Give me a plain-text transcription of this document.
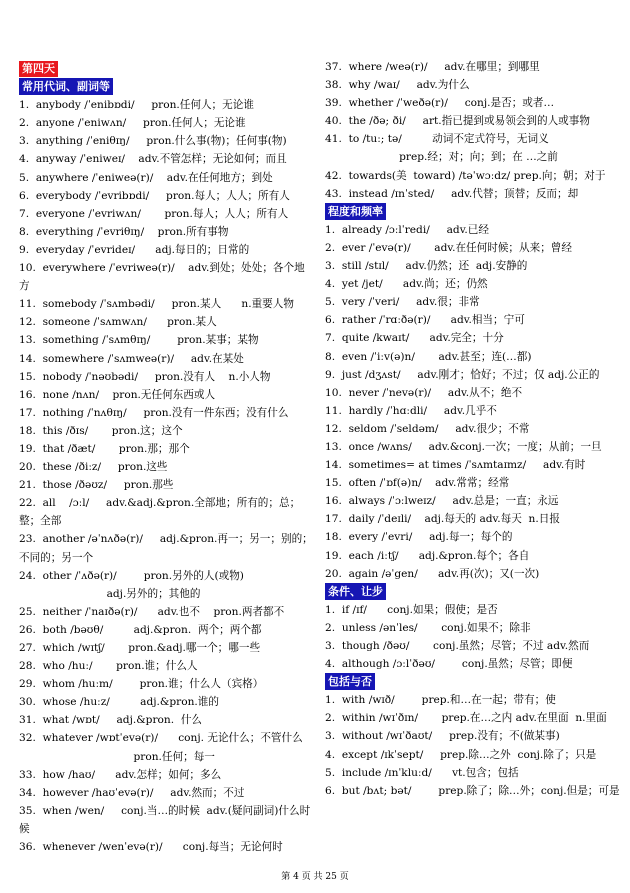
第四天
常用代词、副词等
1.  anybody /ˈenibɒdi/     pron.任何人；无论谁
2.  anyone /ˈeniwʌn/     pron.任何人；无论谁
3.  anything /ˈeniθɪŋ/     pron.什么事(物)；任何事(物)
4.  anyway /ˈeniweɪ/    adv.不管怎样；无论如何；而且
5.  anywhere /ˈeniweə(r)/    adv.在任何地方；到处
6.  everybody /ˈevribɒdi/     pron.每人；人人；所有人
7.  everyone /ˈevriwʌn/       pron.每人；人人；所有人
8.  everything /ˈevriθɪŋ/    pron.所有事物
9.  everyday /ˈevrideɪ/      adj.每日的；日常的
10.  everywhere /ˈevriweə(r)/    adv.到处；处处；各个地方
11.  somebody /ˈsʌmbədi/     pron.某人      n.重要人物
12.  someone /ˈsʌmwʌn/      pron.某人
13.  something /ˈsʌmθɪŋ/        pron.某事；某物
14.  somewhere /ˈsʌmweə(r)/     adv.在某处
15.  nobody /ˈnəʊbədi/     pron.没有人    n.小人物
16.  none /nʌn/    pron.无任何东西或人
17.  nothing /ˈnʌθɪŋ/     pron.没有一件东西；没有什么
18.  this /ðɪs/       pron.这；这个
19.  that /ðæt/       pron.那；那个
20.  these /ðiːz/     pron.这些
21.  those /ðəʊz/     pron.那些
22.  all    /ɔːl/     adv.&adj.&pron.全部地；所有的；总；整；全部
23.  another /əˈnʌðə(r)/     adj.&pron.再一；另一；别的；不同的；另一个
24.  other /ˈʌðə(r)/        pron.另外的人(或物)
adj.另外的；其他的
25.  neither /ˈnaɪðə(r)/      adv.也不    pron.两者都不
26.  both /bəʊθ/         adj.&pron.  两个；两个都
27.  which /wɪtʃ/       pron.&adj.哪一个；哪一些
28.  who /huː/       pron.谁；什么人
29.  whom /huːm/        pron.谁；什么人（宾格）
30.  whose /huːz/         adj.&pron.谁的
31.  what /wɒt/     adj.&pron.  什么
32.  whatever /wɒtˈevə(r)/      conj. 无论什么；不管什么
pron.任何；每一
33.  how /haʊ/      adv.怎样；如何；多么
34.  however /haʊˈevə(r)/     adv.然而；不过
35.  when /wen/     conj.当…的时候  adv.(疑问副词)什么时候
36.  whenever /wenˈevə(r)/      conj.每当；无论何时
37.  where /weə(r)/     adv.在哪里；到哪里
38.  why /waɪ/     adv.为什么
39.  whether /ˈweðə(r)/     conj.是否；或者…
40.  the /ðə; ði/     art.指已提到或易领会到的人或事物
41.  to /tuː; tə/         动词不定式符号，无词义
prep.经；对；向；到；在 …之前
42.  towards(美  toward) /təˈwɔːdz/ prep.向；朝；对于
43.  instead /ɪnˈsted/     adv.代替；顶替；反而；却
程度和频率
1.  already /ɔːlˈredi/     adv.已经
2.  ever /ˈevə(r)/       adv.在任何时候；从来；曾经
3.  still /stɪl/     adv.仍然；还  adj.安静的
4.  yet /jet/      adv.尚；还；仍然
5.  very /ˈveri/     adv.很；非常
6.  rather /ˈrɑːðə(r)/      adv.相当；宁可
7.  quite /kwaɪt/      adv.完全；十分
8.  even /ˈiːv(ə)n/       adv.甚至；连(…都)
9.  just /dʒʌst/     adv.刚才；恰好；不过；仅 adj.公正的
10.  never /ˈnevə(r)/     adv.从不；绝不
11.  hardly /ˈhɑːdli/     adv.几乎不
12.  seldom /ˈseldəm/     adv.很少；不常
13.  once /wʌns/     adv.&conj.一次；一度；从前；一旦
14.  sometimes= at times /ˈsʌmtaɪmz/     adv.有时
15.  often /ˈɒf(ə)n/    adv.常常；经常
16.  always /ˈɔːlweɪz/     adv.总是；一直；永远
17.  daily /ˈdeɪli/    adj.每天的 adv.每天  n.日报
18.  every /ˈevri/     adj.每一；每个的
19.  each /iːtʃ/      adj.&pron.每个；各自
20.  again /əˈgen/      adv.再(次)；又(一次)
条件、让步
1.  if /ɪf/      conj.如果；假使；是否
2.  unless /ənˈles/       conj.如果不；除非
3.  though /ðəʊ/       conj.虽然；尽管；不过 adv.然而
4.  although /ɔːlˈðəʊ/        conj.虽然；尽管；即便
包括与否
1.  with /wɪð/        prep.和…在一起；带有；使
2.  within /wɪˈðɪn/       prep.在…之内 adv.在里面  n.里面
3.  without /wɪˈðaʊt/     prep.没有；不(做某事)
4.  except /ɪkˈsept/     prep.除…之外  conj.除了；只是
5.  include /ɪnˈkluːd/      vt.包含；包括
6.  but /bʌt; bət/        prep.除了；除…外；conj.但是；可是
第 4 页 共 25 页
